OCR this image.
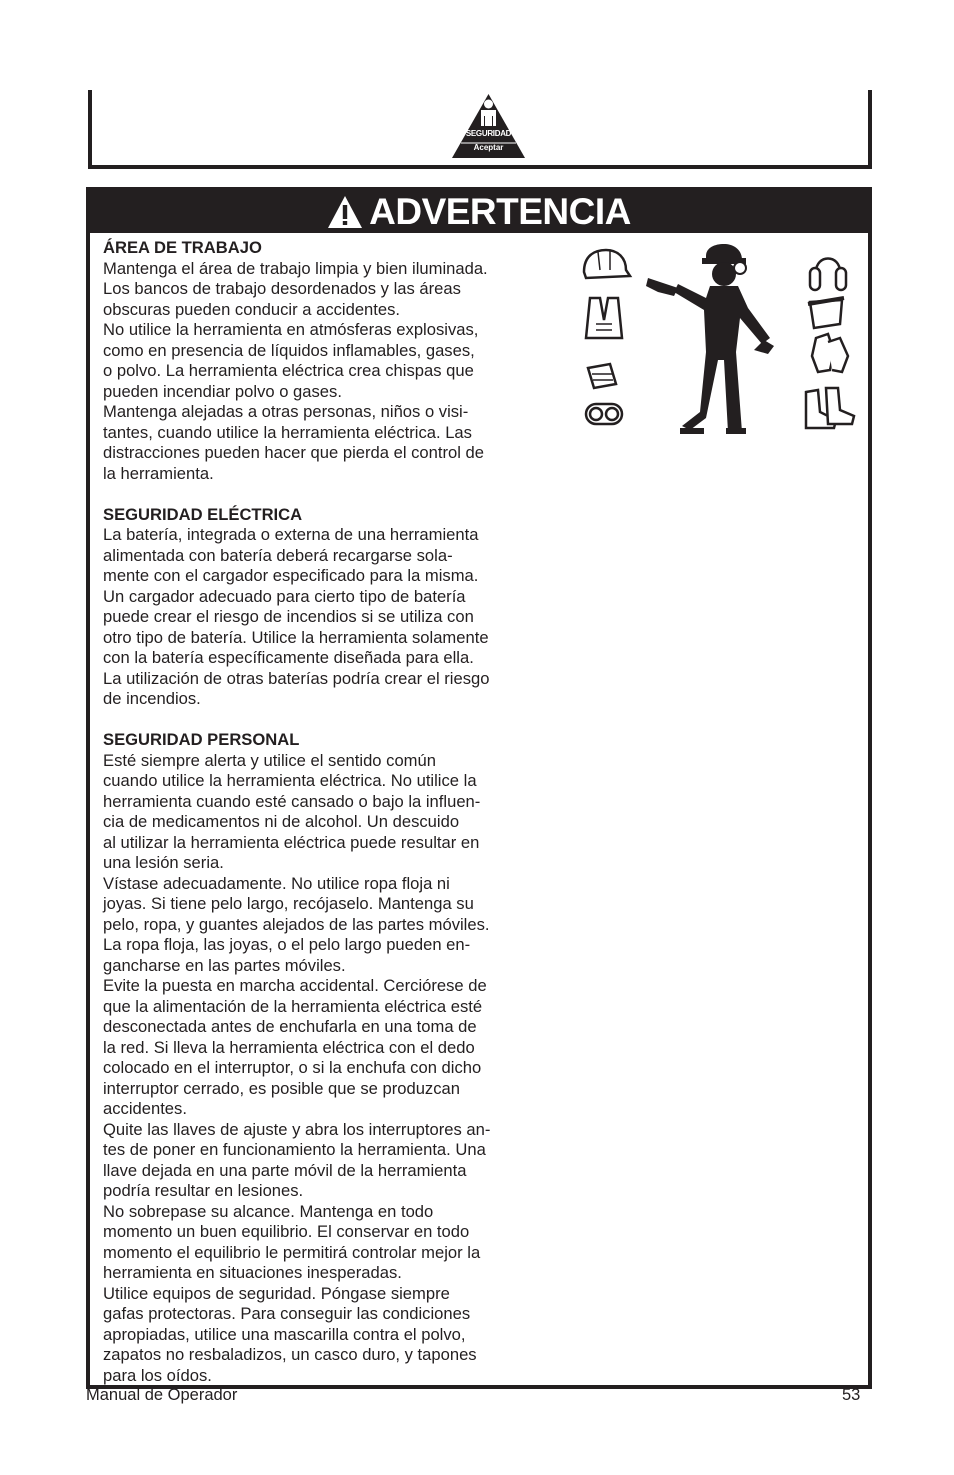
SEGURIDAD
Aceptar
ADVERTENCIA
ÁREA DE TRABAJO

Mantenga el área de trabajo limpia y bien iluminada.
Los bancos de trabajo desordenados y las áreas
obscuras pueden conducir a accidentes.
No utilice la herramienta en atmósferas explosivas,
como en presencia de líquidos inflamables, gases,
o polvo. La herramienta eléctrica crea chispas que
pueden incendiar polvo o gases.
Mantenga alejadas a otras personas, niños o visi-
tantes, cuando utilice la herramienta eléctrica. Las
distracciones pueden hacer que pierda el control de
la herramienta.

SEGURIDAD ELÉCTRICA

La batería, integrada o externa de una herramienta
alimentada con batería deberá recargarse sola-
mente con el cargador especificado para la misma.
Un cargador adecuado para cierto tipo de batería
puede crear el riesgo de incendios si se utiliza con
otro tipo de batería. Utilice la herramienta solamente
con la batería específicamente diseñada para ella.
La utilización de otras baterías podría crear el riesgo
de incendios.

SEGURIDAD PERSONAL

Esté siempre alerta y utilice el sentido común
cuando utilice la herramienta eléctrica. No utilice la
herramienta cuando esté cansado o bajo la influen-
cia de medicamentos ni de alcohol. Un descuido
al utilizar la herramienta eléctrica puede resultar en
una lesión seria.
Vístase adecuadamente. No utilice ropa floja ni
joyas. Si tiene pelo largo, recójaselo. Mantenga su
pelo, ropa, y guantes alejados de las partes móviles.
La ropa floja, las joyas, o el pelo largo pueden en-
gancharse en las partes móviles.
Evite la puesta en marcha accidental. Cerciórese de
que la alimentación de la herramienta eléctrica esté
desconectada antes de enchufarla en una toma de
la red. Si lleva la herramienta eléctrica con el dedo
colocado en el interruptor, o si la enchufa con dicho
interruptor cerrado, es posible que se produzcan
accidentes.
Quite las llaves de ajuste y abra los interruptores an-
tes de poner en funcionamiento la herramienta. Una
llave dejada en una parte móvil de la herramienta
podría resultar en lesiones.
No sobrepase su alcance. Mantenga en todo
momento un buen equilibrio. El conservar en todo
momento el equilibrio le permitirá controlar mejor la
herramienta en situaciones inesperadas.
Utilice equipos de seguridad. Póngase siempre
gafas protectoras. Para conseguir las condiciones
apropiadas, utilice una mascarilla contra el polvo,
zapatos no resbaladizos, un casco duro, y tapones
para los oídos.

Manual de Operador	53
